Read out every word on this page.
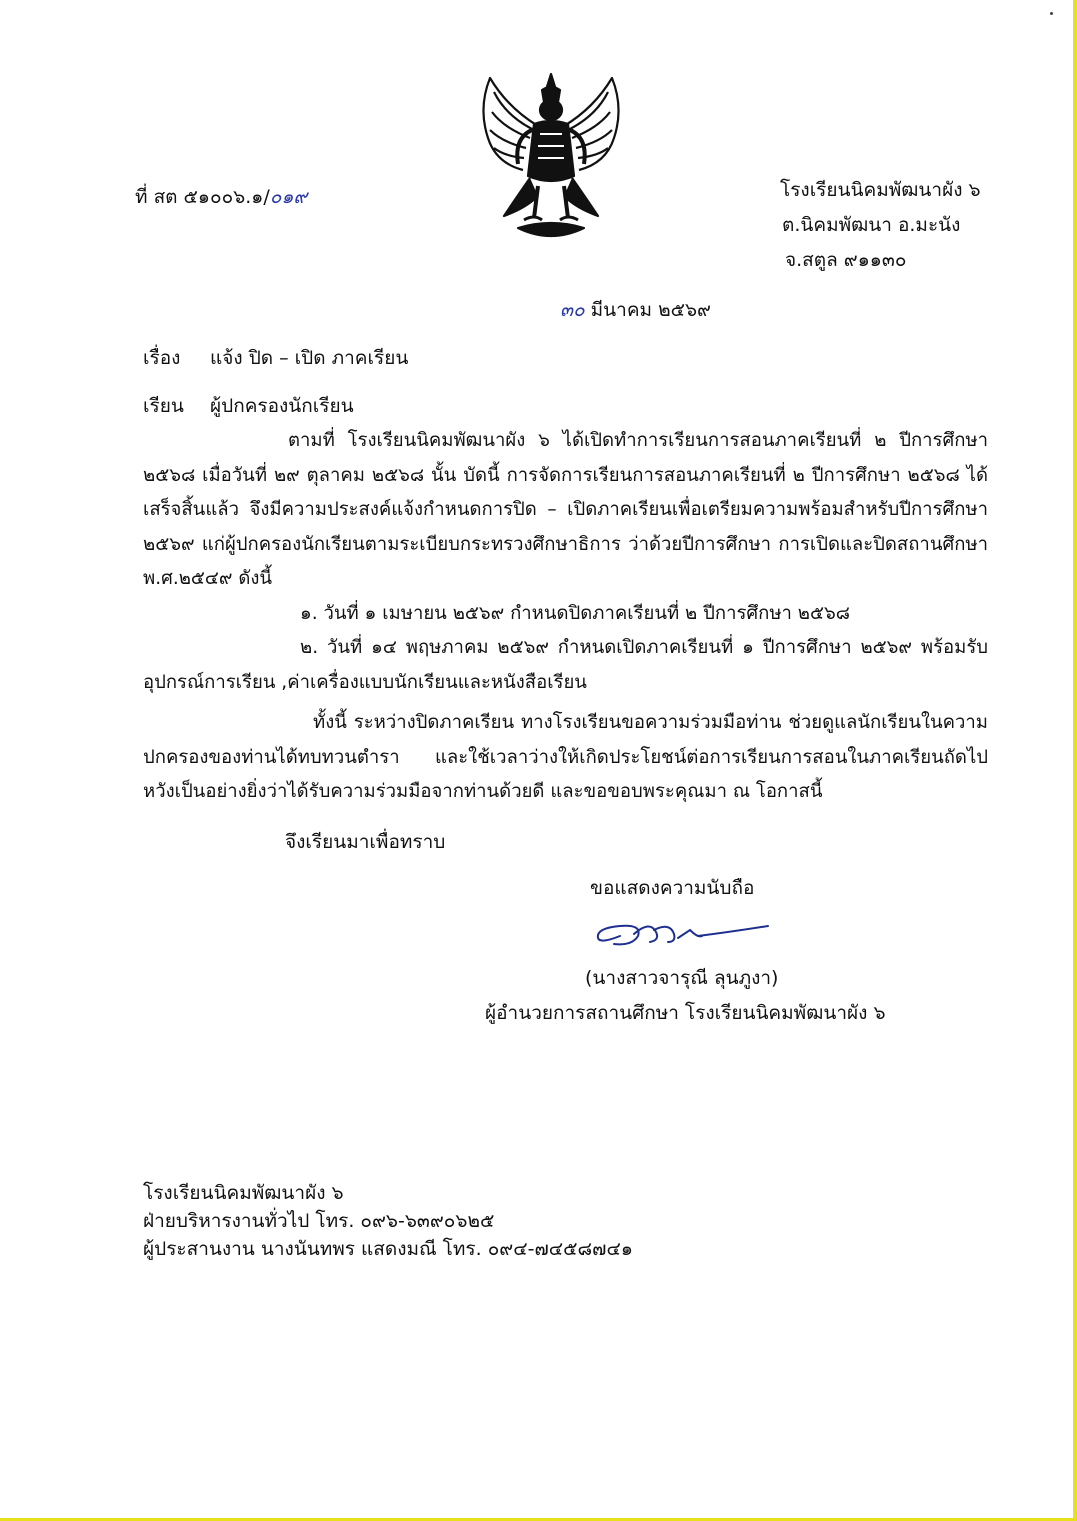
ที่ สต ๕๑๐๐๖.๑/๐๑๙	โรงเรียนนิคมพัฒนาผัง ๖
ต.นิคมพัฒนา อ.มะนัง
จ.สตูล ๙๑๑๓๐
๓๐ มีนาคม ๒๕๖๙
เรื่อง แจ้ง ปิด – เปิด ภาคเรียน
เรียน ผู้ปกครองนักเรียน

ตามที่ โรงเรียนนิคมพัฒนาผัง ๖ ได้เปิดทำการเรียนการสอนภาคเรียนที่ ๒ ปีการศึกษา ๒๕๖๘ เมื่อวันที่ ๒๙ ตุลาคม ๒๕๖๘ นั้น บัดนี้ การจัดการเรียนการสอนภาคเรียนที่ ๒ ปีการศึกษา ๒๕๖๘ ได้เสร็จสิ้นแล้ว จึงมีความประสงค์แจ้งกำหนดการปิด – เปิดภาคเรียนเพื่อเตรียมความพร้อมสำหรับปีการศึกษา ๒๕๖๙ แก่ผู้ปกครองนักเรียนตามระเบียบกระทรวงศึกษาธิการ ว่าด้วยปีการศึกษา การเปิดและปิดสถานศึกษา พ.ศ.๒๕๔๙ ดังนี้

๑. วันที่ ๑ เมษายน ๒๕๖๙ กำหนดปิดภาคเรียนที่ ๒ ปีการศึกษา ๒๕๖๘

๒. วันที่ ๑๔ พฤษภาคม ๒๕๖๙ กำหนดเปิดภาคเรียนที่ ๑ ปีการศึกษา ๒๕๖๙ พร้อมรับ อุปกรณ์การเรียน ,ค่าเครื่องแบบนักเรียนและหนังสือเรียน

ทั้งนี้ ระหว่างปิดภาคเรียน ทางโรงเรียนขอความร่วมมือท่าน ช่วยดูแลนักเรียนในความปกครองของท่านได้ทบทวนตำรา และใช้เวลาว่างให้เกิดประโยชน์ต่อการเรียนการสอนในภาคเรียนถัดไป หวังเป็นอย่างยิ่งว่าได้รับความร่วมมือจากท่านด้วยดี และขอขอบพระคุณมา ณ โอกาสนี้

จึงเรียนมาเพื่อทราบ
ขอแสดงความนับถือ
(นางสาวจารุณี ลุนภูงา)
ผู้อำนวยการสถานศึกษา โรงเรียนนิคมพัฒนาผัง ๖
โรงเรียนนิคมพัฒนาผัง ๖
ฝ่ายบริหารงานทั่วไป โทร. ๐๙๖-๖๓๙๐๖๒๕
ผู้ประสานงาน นางนันทพร แสดงมณี โทร. ๐๙๔-๗๔๕๘๗๔๑
